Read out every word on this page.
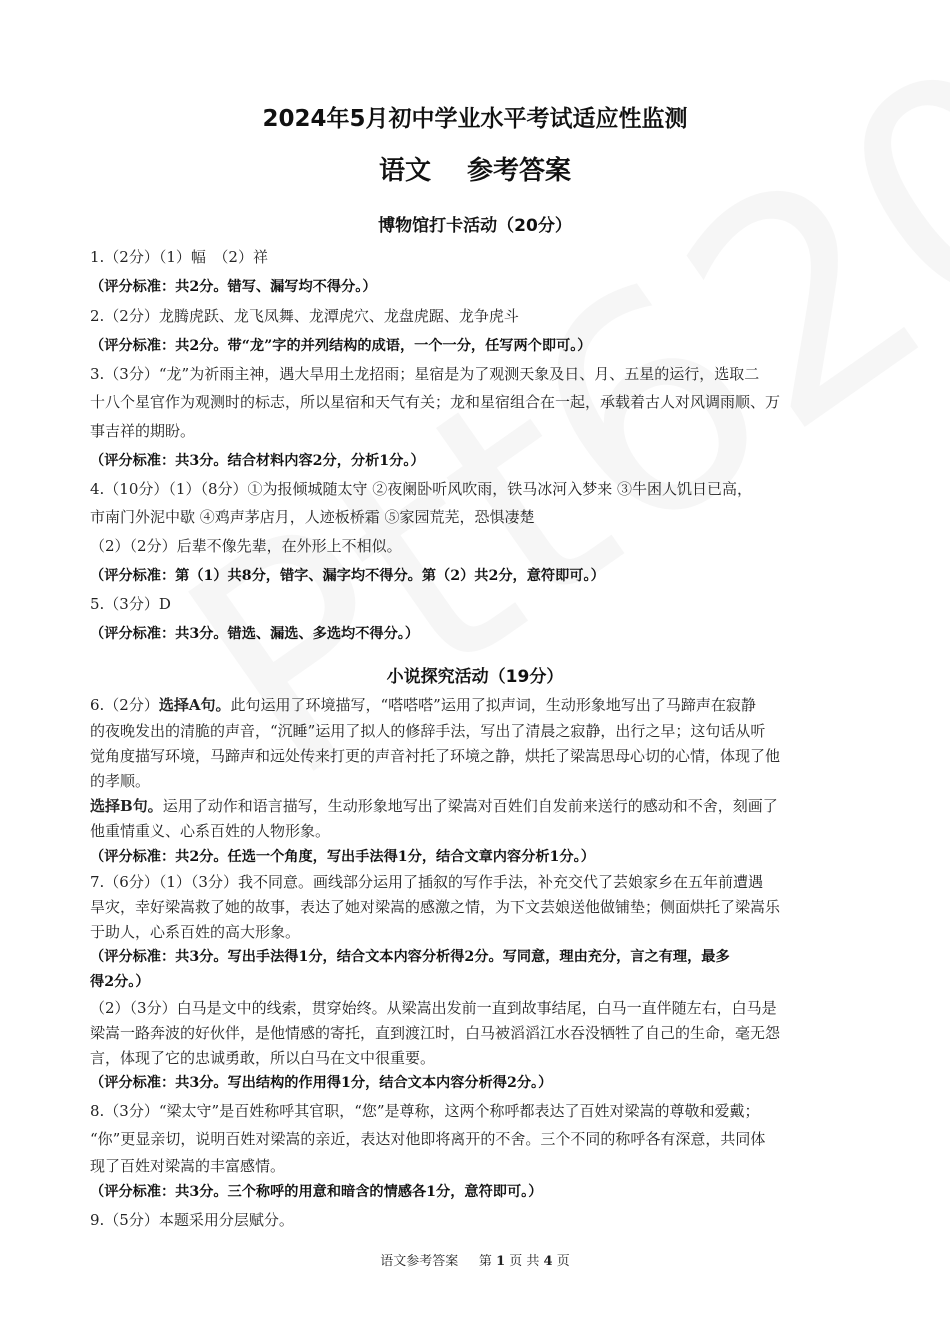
2024年5月初中学业水平考试适应性监测
语文 参考答案
博物馆打卡活动（20分）
1.（2分）（1）幅　（2）祥
（评分标准：共2分。错写、漏写均不得分。）
2.（2分）龙腾虎跃、龙飞凤舞、龙潭虎穴、龙盘虎踞、龙争虎斗
（评分标准：共2分。带“龙”字的并列结构的成语，一个一分，任写两个即可。）
3.（3分）“龙”为祈雨主神，遇大旱用土龙招雨；星宿是为了观测天象及日、月、五星的运行，选取二
十八个星官作为观测时的标志，所以星宿和天气有关；龙和星宿组合在一起，承载着古人对风调雨顺、万
事吉祥的期盼。
（评分标准：共3分。结合材料内容2分，分析1分。）
4.（10分）（1）（8分）①为报倾城随太守 ②夜阑卧听风吹雨，铁马冰河入梦来 ③牛困人饥日已高，
市南门外泥中歇 ④鸡声茅店月，人迹板桥霜 ⑤家园荒芜，恐惧凄楚
（2）（2分）后辈不像先辈，在外形上不相似。
（评分标准：第（1）共8分，错字、漏字均不得分。第（2）共2分，意符即可。）
5.（3分）D
（评分标准：共3分。错选、漏选、多选均不得分。）
小说探究活动（19分）
6.（2分）选择A句。此句运用了环境描写，“嗒嗒嗒”运用了拟声词，生动形象地写出了马蹄声在寂静
的夜晚发出的清脆的声音，“沉睡”运用了拟人的修辞手法，写出了清晨之寂静，出行之早；这句话从听
觉角度描写环境，马蹄声和远处传来打更的声音衬托了环境之静，烘托了梁嵩思母心切的心情，体现了他
的孝顺。
选择B句。运用了动作和语言描写，生动形象地写出了梁嵩对百姓们自发前来送行的感动和不舍，刻画了
他重情重义、心系百姓的人物形象。
（评分标准：共2分。任选一个角度，写出手法得1分，结合文章内容分析1分。）
7.（6分）（1）（3分）我不同意。画线部分运用了插叙的写作手法，补充交代了芸娘家乡在五年前遭遇
旱灾，幸好梁嵩救了她的故事，表达了她对梁嵩的感激之情，为下文芸娘送他做铺垫；侧面烘托了梁嵩乐
于助人，心系百姓的高大形象。
（评分标准：共3分。写出手法得1分，结合文本内容分析得2分。写同意，理由充分，言之有理，最多
得2分。）
（2）（3分）白马是文中的线索，贯穿始终。从梁嵩出发前一直到故事结尾，白马一直伴随左右，白马是
梁嵩一路奔波的好伙伴，是他情感的寄托，直到渡江时，白马被滔滔江水吞没牺牲了自己的生命，毫无怨
言，体现了它的忠诚勇敢，所以白马在文中很重要。
（评分标准：共3分。写出结构的作用得1分，结合文本内容分析得2分。）
8.（3分）“梁太守”是百姓称呼其官职，“您”是尊称，这两个称呼都表达了百姓对梁嵩的尊敬和爱戴；
“你”更显亲切，说明百姓对梁嵩的亲近，表达对他即将离开的不舍。三个不同的称呼各有深意，共同体
现了百姓对梁嵩的丰富感情。
（评分标准：共3分。三个称呼的用意和暗含的情感各1分，意符即可。）
9.（5分）本题采用分层赋分。
语文参考答案 第 1 页 共 4 页
